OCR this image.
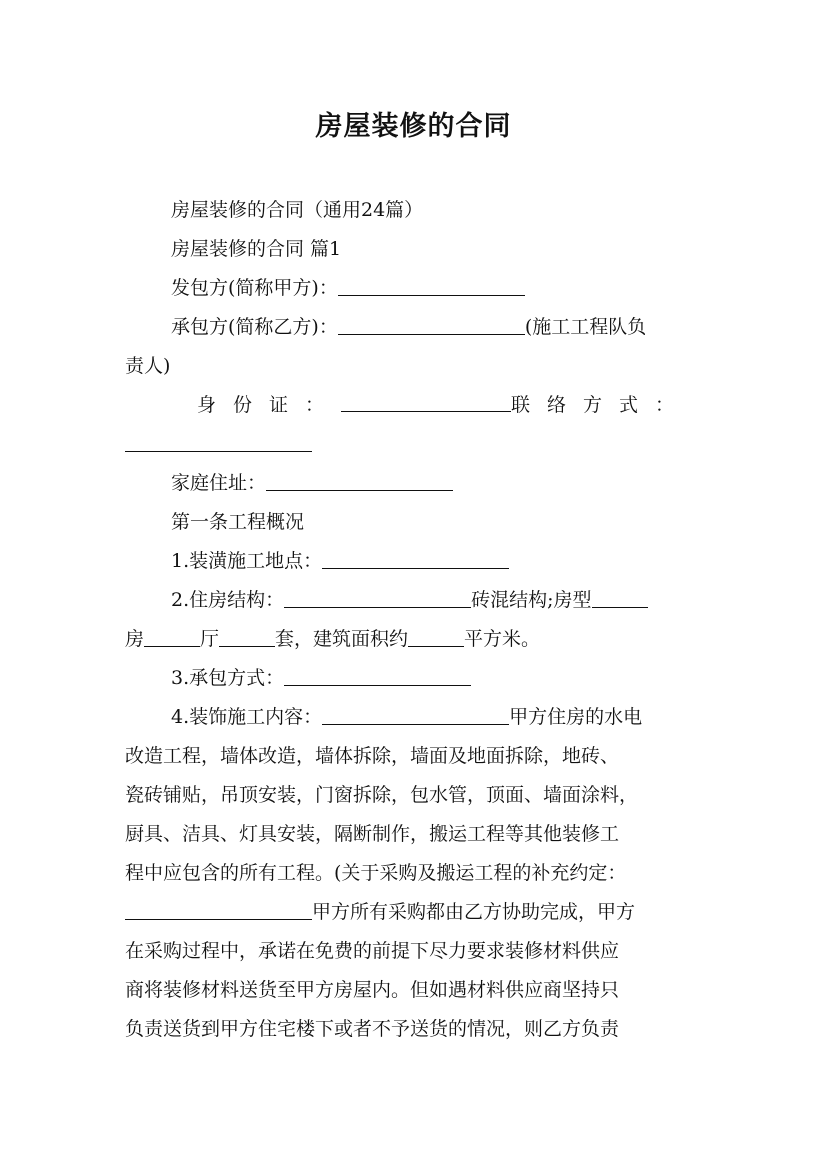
房屋装修的合同
房屋装修的合同（通用24篇）
房屋装修的合同 篇1
发包方(简称甲方)：
承包方(简称乙方)：	(施工工程队负
责人)
身份证：	联络方式：
家庭住址：
第一条工程概况
1.装潢施工地点：
2.住房结构：	砖混结构;房型
房	厅	套，建筑面积约	平方米。
3.承包方式：
4.装饰施工内容：	甲方住房的水电
改造工程，墙体改造，墙体拆除，墙面及地面拆除，地砖、
瓷砖铺贴，吊顶安装，门窗拆除，包水管，顶面、墙面涂料，
厨具、洁具、灯具安装，隔断制作，搬运工程等其他装修工
程中应包含的所有工程。(关于采购及搬运工程的补充约定：
甲方所有采购都由乙方协助完成，甲方
在采购过程中，承诺在免费的前提下尽力要求装修材料供应
商将装修材料送货至甲方房屋内。但如遇材料供应商坚持只
负责送货到甲方住宅楼下或者不予送货的情况，则乙方负责
